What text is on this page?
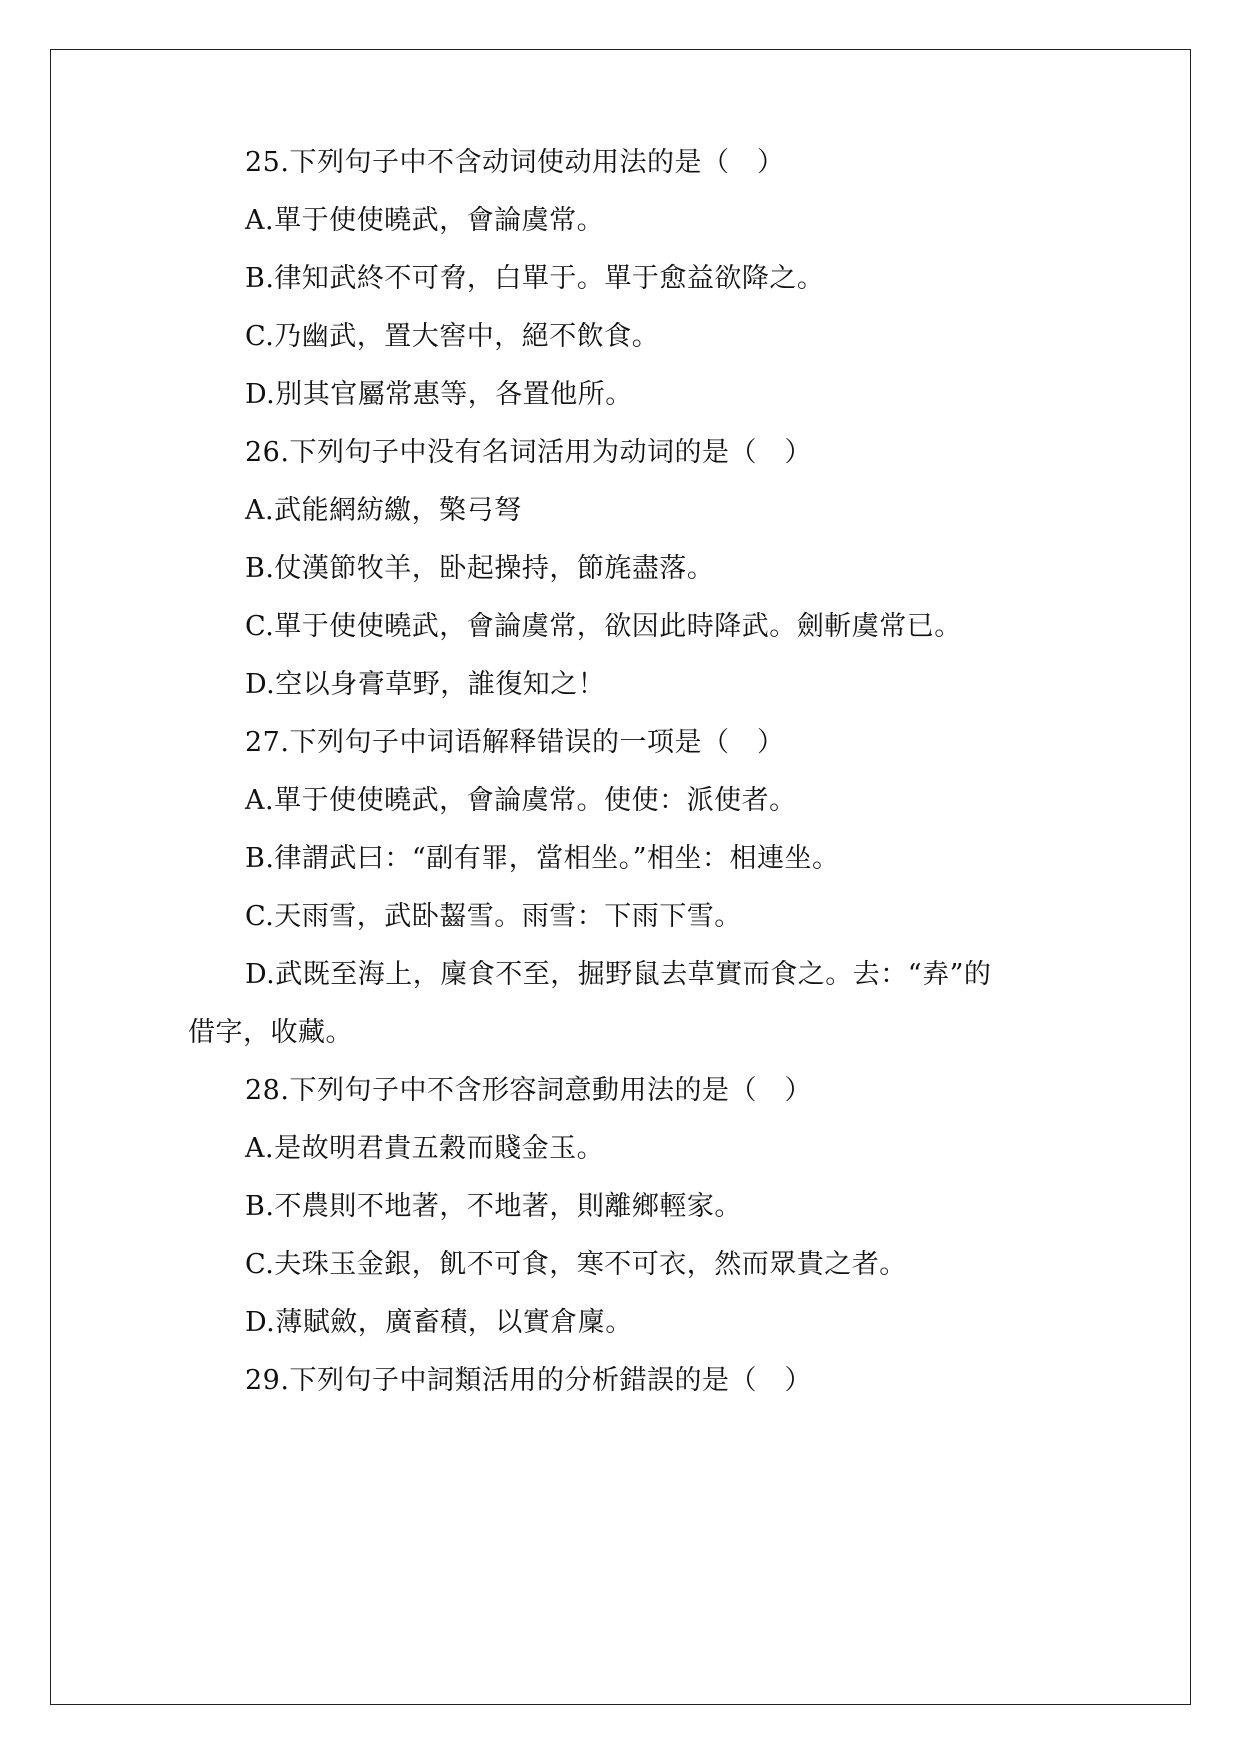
25.下列句子中不含动词使动用法的是（　）
A.單于使使曉武，會論虞常。
B.律知武終不可脅，白單于。單于愈益欲降之。
C.乃幽武，置大窖中，絕不飲食。
D.別其官屬常惠等，各置他所。
26.下列句子中没有名词活用为动词的是（　）
A.武能網紡繳，檠弓弩
B.仗漢節牧羊，卧起操持，節旄盡落。
C.單于使使曉武，會論虞常，欲因此時降武。劍斬虞常已。
D.空以身膏草野，誰復知之！
27.下列句子中词语解释错误的一项是（　）
A.單于使使曉武，會論虞常。使使：派使者。
B.律謂武曰：“副有罪，當相坐。”相坐：相連坐。
C.天雨雪，武卧齧雪。雨雪：下雨下雪。
D.武既至海上，廩食不至，掘野鼠去草實而食之。去：“弆”的
借字，收藏。
28.下列句子中不含形容詞意動用法的是（　）
A.是故明君貴五穀而賤金玉。
B.不農則不地著，不地著，則離鄉輕家。
C.夫珠玉金銀，飢不可食，寒不可衣，然而眾貴之者。
D.薄賦斂，廣畜積，以實倉廩。
29.下列句子中詞類活用的分析錯誤的是（　）
